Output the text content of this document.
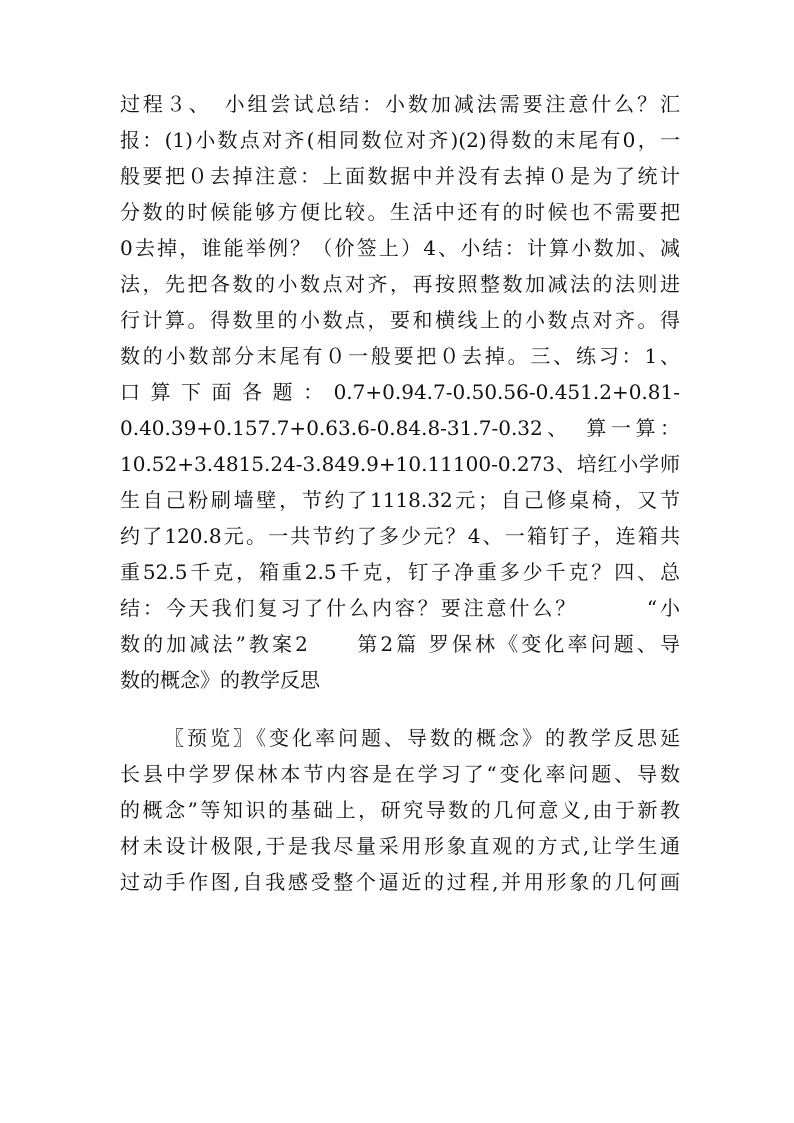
过程３、　小组尝试总结：小数加减法需要注意什么？汇
报：(1)小数点对齐(相同数位对齐)(2)得数的末尾有0，一
般要把０去掉注意：上面数据中并没有去掉０是为了统计
分数的时候能够方便比较。生活中还有的时候也不需要把
0去掉，谁能举例？（价签上）4、小结：计算小数加、减
法，先把各数的小数点对齐，再按照整数加减法的法则进
行计算。得数里的小数点，要和横线上的小数点对齐。得
数的小数部分末尾有０一般要把０去掉。三、练习：1、
口 算 下 面 各 题 ： 0.7+0.94.7-0.50.56-0.451.2+0.81-
0.40.39+0.157.7+0.63.6-0.84.8-31.7-0.32、　算一算：
10.52+3.4815.24-3.849.9+10.11100-0.273、培红小学师
生自己粉刷墙壁，节约了1118.32元；自己修桌椅，又节
约了120.8元。一共节约了多少元？4、一箱钉子，连箱共
重52.5千克，箱重2.5千克，钉子净重多少千克？四、总
结：今天我们复习了什么内容？要注意什么？　　　“小
数的加减法”教案2　　第2篇 罗保林《变化率问题、导
数的概念》的教学反思
〖预览〗《变化率问题、导数的概念》的教学反思延
长县中学罗保林本节内容是在学习了“变化率问题、导数
的概念”等知识的基础上，研究导数的几何意义,由于新教
材未设计极限,于是我尽量采用形象直观的方式,让学生通
过动手作图,自我感受整个逼近的过程,并用形象的几何画
